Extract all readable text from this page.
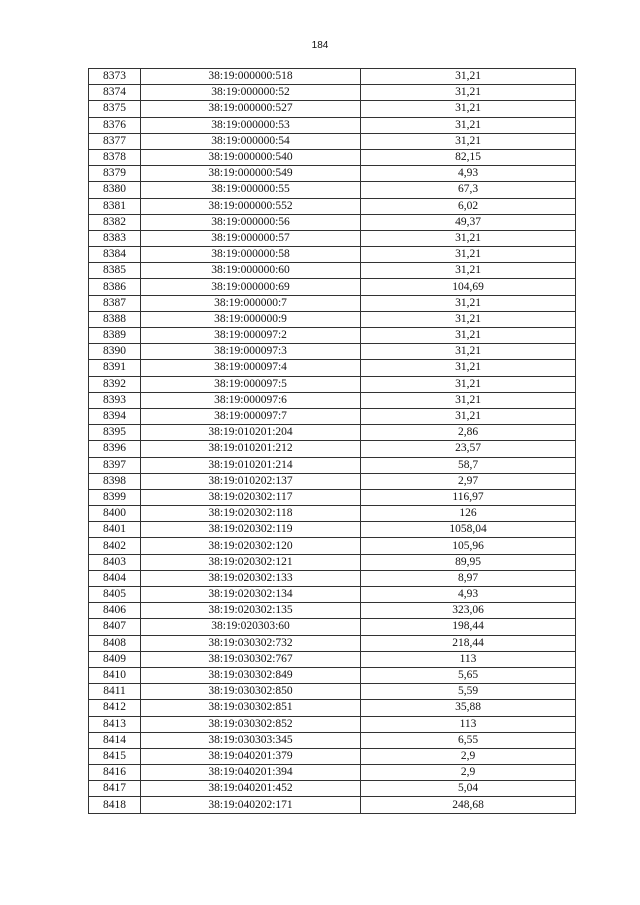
184
8373	38:19:000000:518	31,21
8374	38:19:000000:52	31,21
8375	38:19:000000:527	31,21
8376	38:19:000000:53	31,21
8377	38:19:000000:54	31,21
8378	38:19:000000:540	82,15
8379	38:19:000000:549	4,93
8380	38:19:000000:55	67,3
8381	38:19:000000:552	6,02
8382	38:19:000000:56	49,37
8383	38:19:000000:57	31,21
8384	38:19:000000:58	31,21
8385	38:19:000000:60	31,21
8386	38:19:000000:69	104,69
8387	38:19:000000:7	31,21
8388	38:19:000000:9	31,21
8389	38:19:000097:2	31,21
8390	38:19:000097:3	31,21
8391	38:19:000097:4	31,21
8392	38:19:000097:5	31,21
8393	38:19:000097:6	31,21
8394	38:19:000097:7	31,21
8395	38:19:010201:204	2,86
8396	38:19:010201:212	23,57
8397	38:19:010201:214	58,7
8398	38:19:010202:137	2,97
8399	38:19:020302:117	116,97
8400	38:19:020302:118	126
8401	38:19:020302:119	1058,04
8402	38:19:020302:120	105,96
8403	38:19:020302:121	89,95
8404	38:19:020302:133	8,97
8405	38:19:020302:134	4,93
8406	38:19:020302:135	323,06
8407	38:19:020303:60	198,44
8408	38:19:030302:732	218,44
8409	38:19:030302:767	113
8410	38:19:030302:849	5,65
8411	38:19:030302:850	5,59
8412	38:19:030302:851	35,88
8413	38:19:030302:852	113
8414	38:19:030303:345	6,55
8415	38:19:040201:379	2,9
8416	38:19:040201:394	2,9
8417	38:19:040201:452	5,04
8418	38:19:040202:171	248,68
